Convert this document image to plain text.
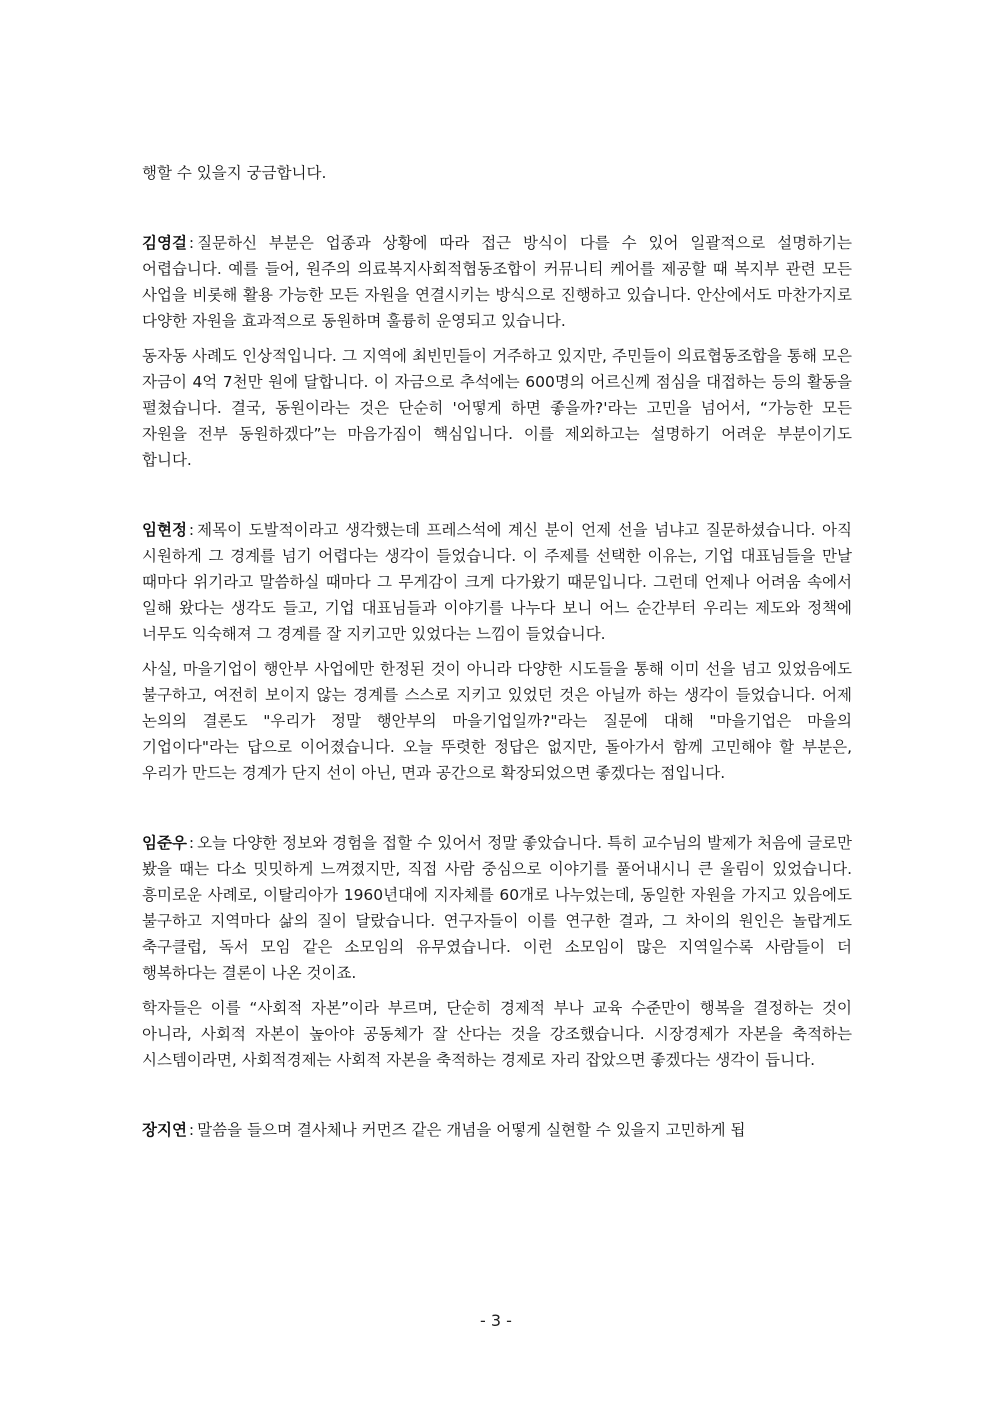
행할 수 있을지 궁금합니다.

김영걸 : 질문하신 부분은 업종과 상황에 따라 접근 방식이 다를 수 있어 일괄적으로 설명하기는 어렵습니다. 예를 들어, 원주의 의료복지사회적협동조합이 커뮤니티 케어를 제공할 때 복지부 관련 모든 사업을 비롯해 활용 가능한 모든 자원을 연결시키는 방식으로 진행하고 있습니다. 안산에서도 마찬가지로 다양한 자원을 효과적으로 동원하며 훌륭히 운영되고 있습니다.

동자동 사례도 인상적입니다. 그 지역에 최빈민들이 거주하고 있지만, 주민들이 의료협동조합을 통해 모은 자금이 4억 7천만 원에 달합니다. 이 자금으로 추석에는 600명의 어르신께 점심을 대접하는 등의 활동을 펼쳤습니다. 결국, 동원이라는 것은 단순히 '어떻게 하면 좋을까?'라는 고민을 넘어서, “가능한 모든 자원을 전부 동원하겠다”는 마음가짐이 핵심입니다. 이를 제외하고는 설명하기 어려운 부분이기도 합니다.

임현정 : 제목이 도발적이라고 생각했는데 프레스석에 계신 분이 언제 선을 넘냐고 질문하셨습니다. 아직 시원하게 그 경계를 넘기 어렵다는 생각이 들었습니다. 이 주제를 선택한 이유는, 기업 대표님들을 만날 때마다 위기라고 말씀하실 때마다 그 무게감이 크게 다가왔기 때문입니다. 그런데 언제나 어려움 속에서 일해 왔다는 생각도 들고, 기업 대표님들과 이야기를 나누다 보니 어느 순간부터 우리는 제도와 정책에 너무도 익숙해져 그 경계를 잘 지키고만 있었다는 느낌이 들었습니다.

사실, 마을기업이 행안부 사업에만 한정된 것이 아니라 다양한 시도들을 통해 이미 선을 넘고 있었음에도 불구하고, 여전히 보이지 않는 경계를 스스로 지키고 있었던 것은 아닐까 하는 생각이 들었습니다. 어제 논의의 결론도 "우리가 정말 행안부의 마을기업일까?"라는 질문에 대해 "마을기업은 마을의 기업이다"라는 답으로 이어졌습니다. 오늘 뚜렷한 정답은 없지만, 돌아가서 함께 고민해야 할 부분은, 우리가 만드는 경계가 단지 선이 아닌, 면과 공간으로 확장되었으면 좋겠다는 점입니다.

임준우 : 오늘 다양한 정보와 경험을 접할 수 있어서 정말 좋았습니다. 특히 교수님의 발제가 처음에 글로만 봤을 때는 다소 밋밋하게 느껴졌지만, 직접 사람 중심으로 이야기를 풀어내시니 큰 울림이 있었습니다. 흥미로운 사례로, 이탈리아가 1960년대에 지자체를 60개로 나누었는데, 동일한 자원을 가지고 있음에도 불구하고 지역마다 삶의 질이 달랐습니다. 연구자들이 이를 연구한 결과, 그 차이의 원인은 놀랍게도 축구클럽, 독서 모임 같은 소모임의 유무였습니다. 이런 소모임이 많은 지역일수록 사람들이 더 행복하다는 결론이 나온 것이죠.

학자들은 이를 “사회적 자본”이라 부르며, 단순히 경제적 부나 교육 수준만이 행복을 결정하는 것이 아니라, 사회적 자본이 높아야 공동체가 잘 산다는 것을 강조했습니다. 시장경제가 자본을 축적하는 시스템이라면, 사회적경제는 사회적 자본을 축적하는 경제로 자리 잡았으면 좋겠다는 생각이 듭니다.

장지연 : 말씀을 들으며 결사체나 커먼즈 같은 개념을 어떻게 실현할 수 있을지 고민하게 됩

- 3 -
